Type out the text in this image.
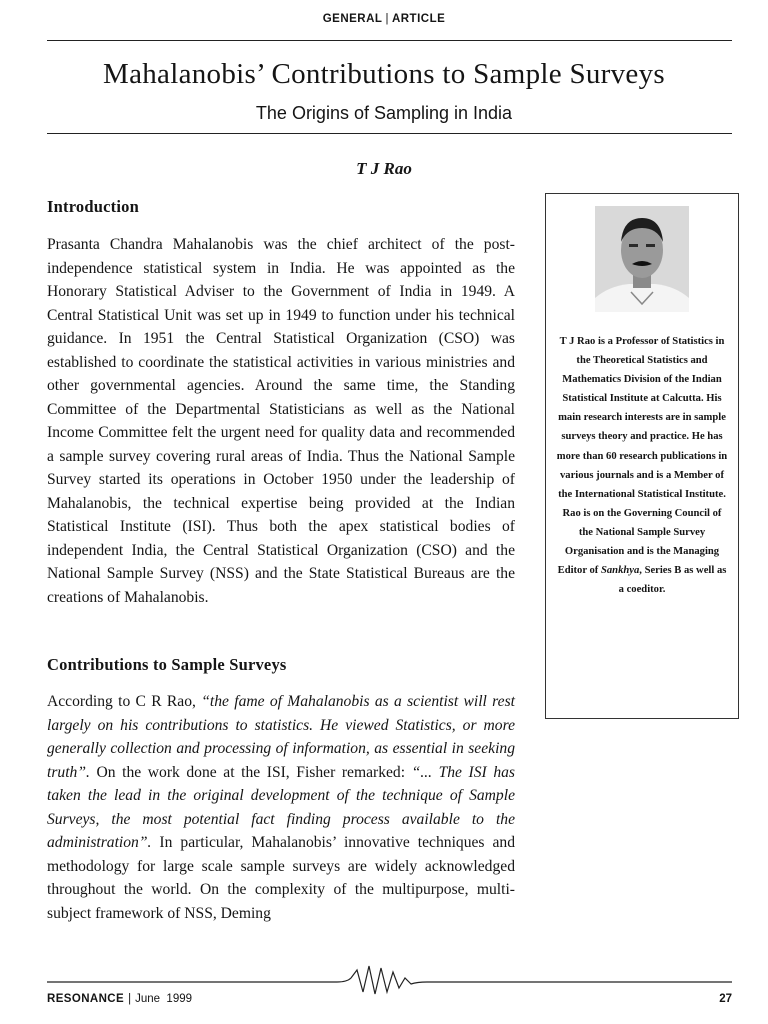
GENERAL | ARTICLE
Mahalanobis’ Contributions to Sample Surveys
The Origins of Sampling in India
T J Rao
Introduction
Prasanta Chandra Mahalanobis was the chief architect of the post-independence statistical system in India. He was appointed as the Honorary Statistical Adviser to the Government of India in 1949. A Central Statistical Unit was set up in 1949 to function under his technical guidance. In 1951 the Central Statistical Organization (CSO) was established to coordinate the statistical activities in various ministries and other governmental agencies. Around the same time, the Standing Committee of the Departmental Statisticians as well as the National Income Committee felt the urgent need for quality data and recommended a sample survey covering rural areas of India. Thus the National Sample Survey started its operations in October 1950 under the leadership of Mahalanobis, the technical expertise being provided at the Indian Statistical Institute (ISI). Thus both the apex statistical bodies of independent India, the Central Statistical Organization (CSO) and the National Sample Survey (NSS) and the State Statistical Bureaus are the creations of Mahalanobis.
Contributions to Sample Surveys
According to C R Rao, “the fame of Mahalanobis as a scientist will rest largely on his contributions to statistics. He viewed Statistics, or more generally collection and processing of information, as essential in seeking truth”. On the work done at the ISI, Fisher remarked: “... The ISI has taken the lead in the original development of the technique of Sample Surveys, the most potential fact finding process available to the administration”. In particular, Mahalanobis’ innovative techniques and methodology for large scale sample surveys are widely acknowledged throughout the world. On the complexity of the multipurpose, multi-subject framework of NSS, Deming
T J Rao is a Professor of Statistics in the Theoretical Statistics and Mathematics Division of the Indian Statistical Institute at Calcutta. His main research interests are in sample surveys theory and practice. He has more than 60 research publications in various journals and is a Member of the International Statistical Institute. Rao is on the Governing Council of the National Sample Survey Organisation and is the Managing Editor of Sankhya, Series B as well as a coeditor.
RESONANCE | June 1999	27
